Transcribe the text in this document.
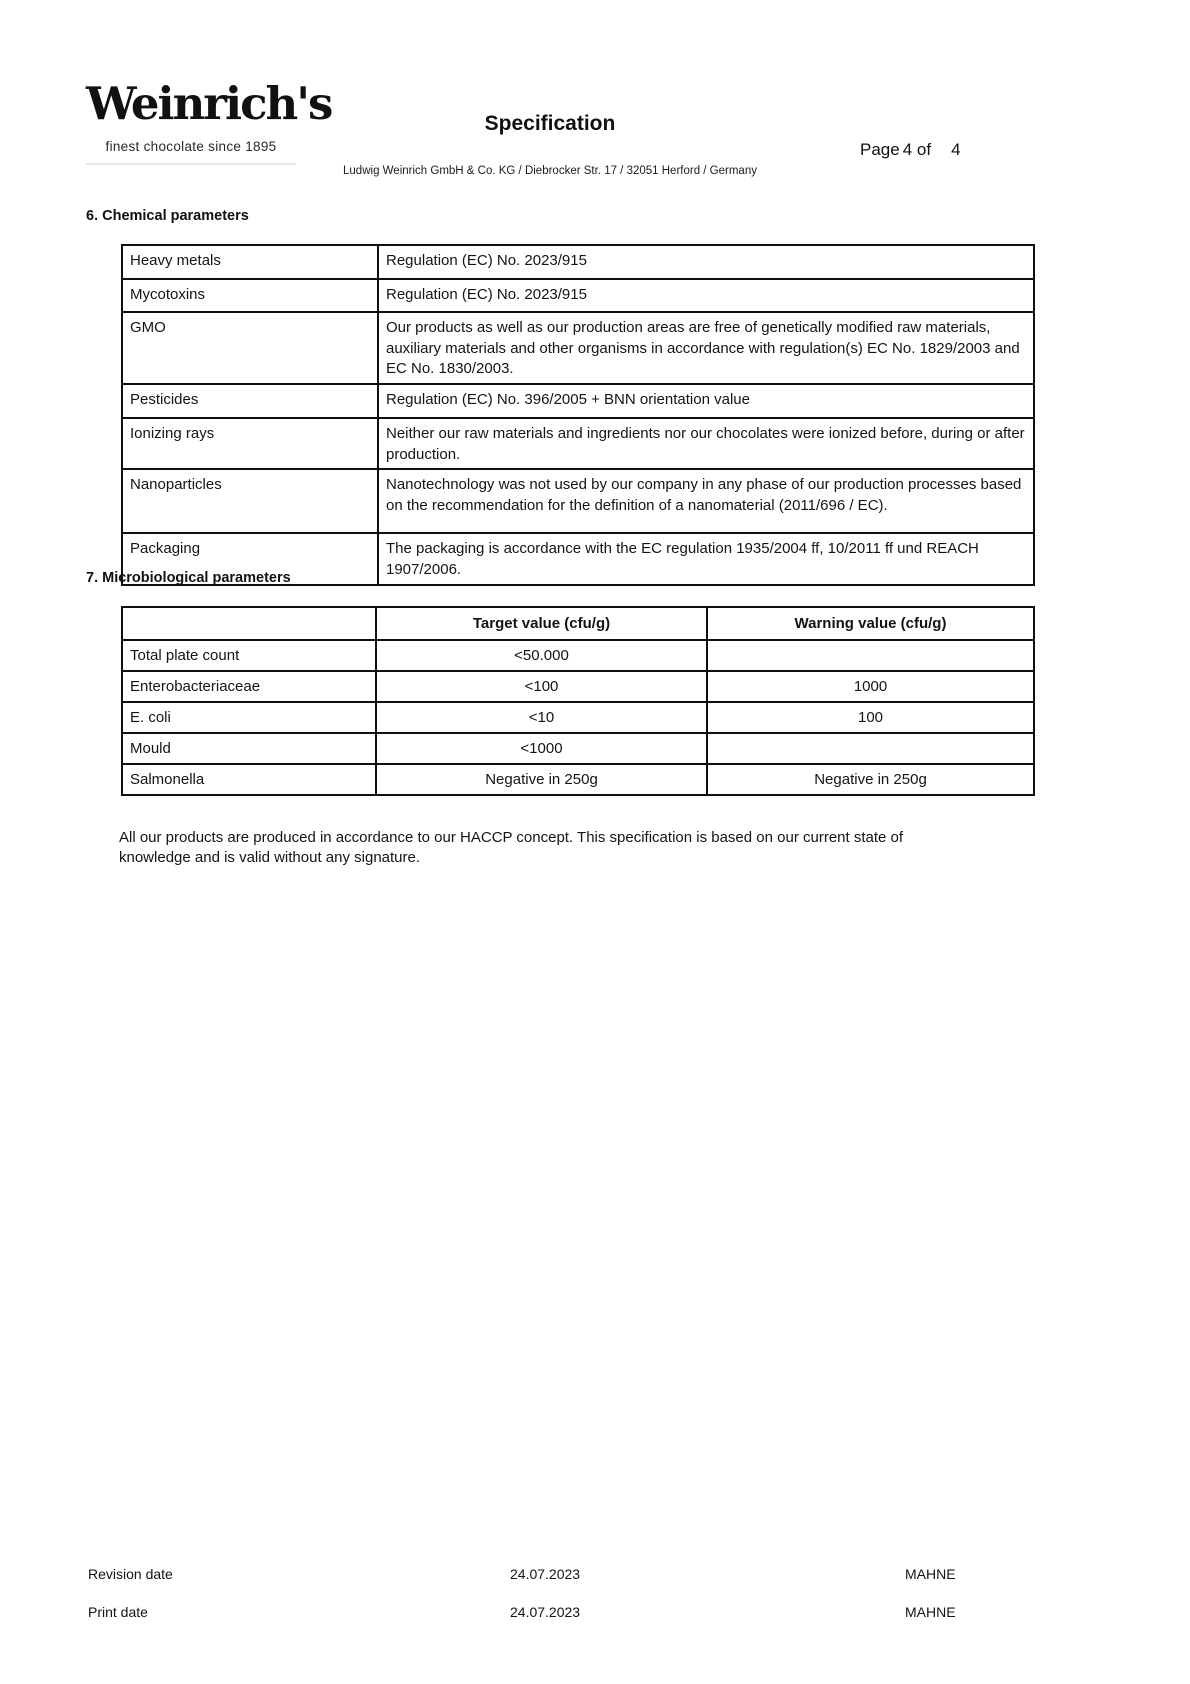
Weinrich's
finest chocolate since 1895
Specification
Page 4 of 4
Ludwig Weinrich GmbH & Co. KG / Diebrocker Str. 17 / 32051 Herford / Germany
6. Chemical parameters
Heavy metals	Regulation (EC) No. 2023/915
Mycotoxins	Regulation (EC) No. 2023/915
GMO	Our products as well as our production areas are free of genetically modified raw materials, auxiliary materials and other organisms in accordance with regulation(s) EC No. 1829/2003 and EC No. 1830/2003.
Pesticides	Regulation (EC) No. 396/2005 + BNN orientation value
Ionizing rays	Neither our raw materials and ingredients nor our chocolates were ionized before, during or after production.
Nanoparticles	Nanotechnology was not used by our company in any phase of our production processes based on the recommendation for the definition of a nanomaterial (2011/696 / EC).
Packaging	The packaging is accordance with the EC regulation 1935/2004 ff, 10/2011 ff und REACH 1907/2006.
7. Microbiological parameters
	Target value (cfu/g)	Warning value (cfu/g)
Total plate count	<50.000	
Enterobacteriaceae	<100	1000
E. coli	<10	100
Mould	<1000	
Salmonella	Negative in 250g	Negative in 250g
All our products are produced in accordance to our HACCP concept. This specification is based on our current state of knowledge and is valid without any signature.
Revision date	24.07.2023	MAHNE
Print date	24.07.2023	MAHNE
